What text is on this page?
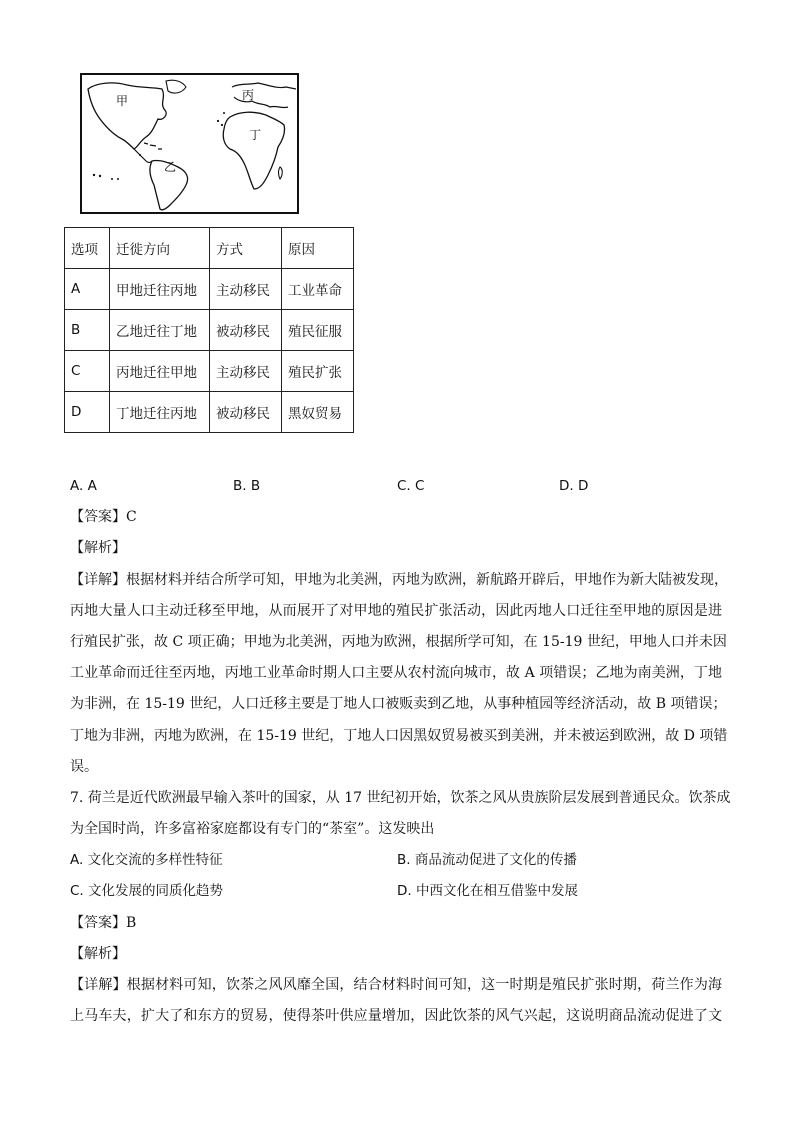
甲
乙
丙
丁
选项	迁徙方向	方式	原因
A	甲地迁往丙地	主动移民	工业革命
B	乙地迁往丁地	被动移民	殖民征服
C	丙地迁往甲地	主动移民	殖民扩张
D	丁地迁往丙地	被动移民	黑奴贸易
A. A	B. B	C. C	D. D
【答案】C
【解析】
【详解】根据材料并结合所学可知，甲地为北美洲，丙地为欧洲，新航路开辟后，甲地作为新大陆被发现，
丙地大量人口主动迁移至甲地，从而展开了对甲地的殖民扩张活动，因此丙地人口迁往至甲地的原因是进
行殖民扩张，故 C 项正确；甲地为北美洲，丙地为欧洲，根据所学可知，在 15-19 世纪，甲地人口并未因
工业革命而迁往至丙地，丙地工业革命时期人口主要从农村流向城市，故 A 项错误；乙地为南美洲，丁地
为非洲，在 15-19 世纪，人口迁移主要是丁地人口被贩卖到乙地，从事种植园等经济活动，故 B 项错误；
丁地为非洲，丙地为欧洲，在 15-19 世纪，丁地人口因黑奴贸易被买到美洲，并未被运到欧洲，故 D 项错
误。
7. 荷兰是近代欧洲最早输入茶叶的国家，从 17 世纪初开始，饮茶之风从贵族阶层发展到普通民众。饮茶成
为全国时尚，许多富裕家庭都设有专门的“茶室”。这发映出
A. 文化交流的多样性特征	B. 商品流动促进了文化的传播
C. 文化发展的同质化趋势	D. 中西文化在相互借鉴中发展
【答案】B
【解析】
【详解】根据材料可知，饮茶之风风靡全国，结合材料时间可知，这一时期是殖民扩张时期，荷兰作为海
上马车夫，扩大了和东方的贸易，使得茶叶供应量增加，因此饮茶的风气兴起，这说明商品流动促进了文
